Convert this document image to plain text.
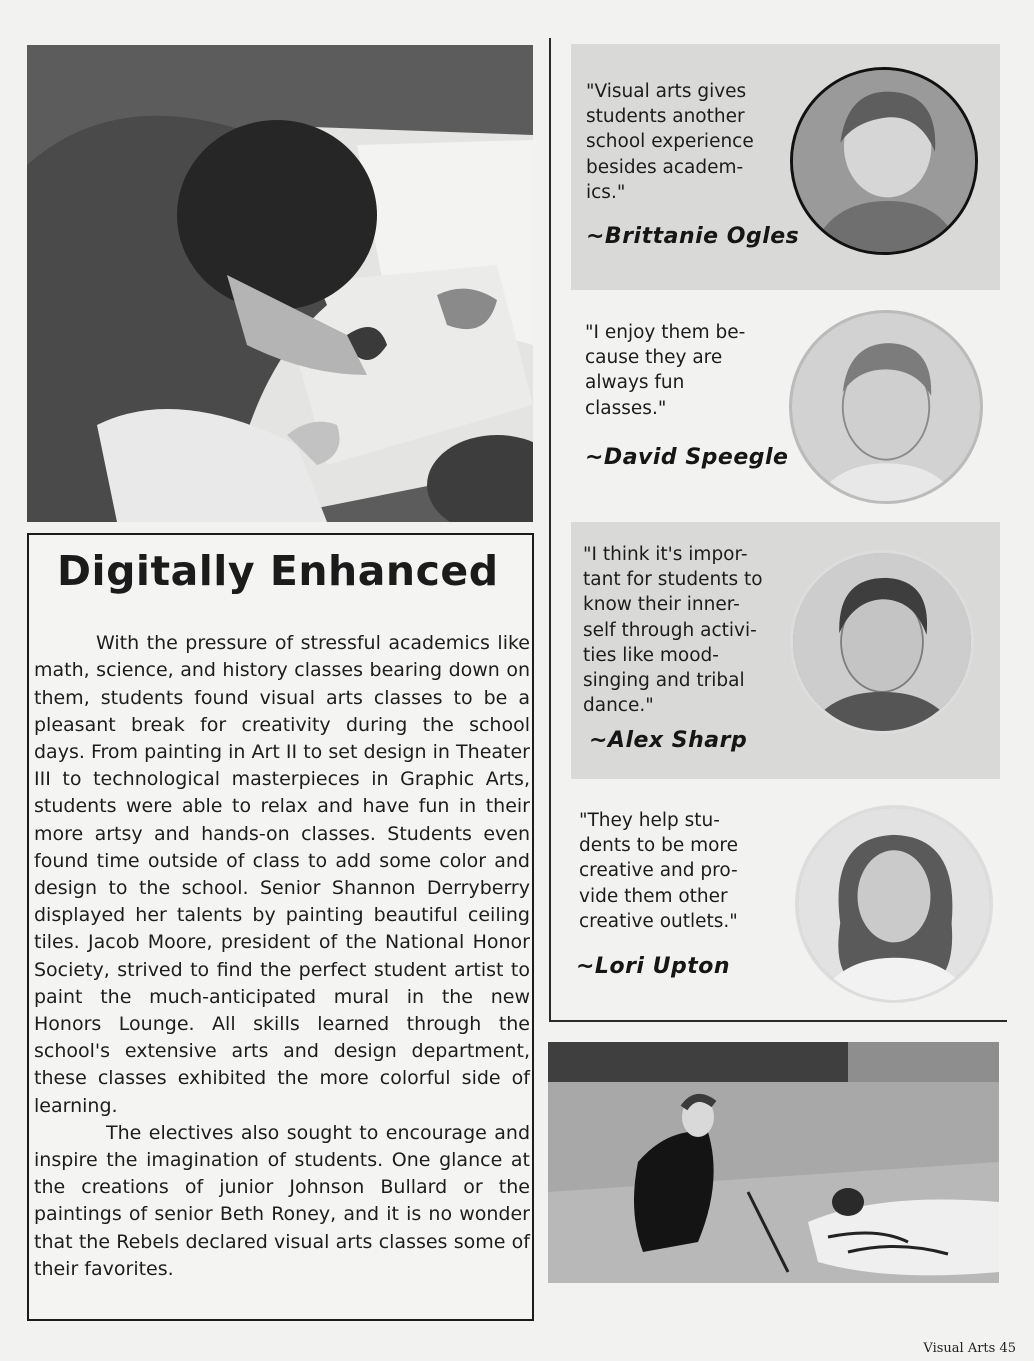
Digitally Enhanced

With the pressure of stressful academics like math, science, and history classes bearing down on them, students found visual arts classes to be a pleasant break for creativity during the school days. From painting in Art II to set design in Theater III to technological masterpieces in Graphic Arts, students were able to relax and have fun in their more artsy and hands-on classes. Students even found time outside of class to add some color and design to the school. Senior Shannon Derryberry displayed her talents by painting beautiful ceiling tiles. Jacob Moore, president of the National Honor Society, strived to find the perfect student artist to paint the much-anticipated mural in the new Honors Lounge. All skills learned through the school's extensive arts and design department, these classes exhibited the more colorful side of learning.

The electives also sought to encourage and inspire the imagination of students. One glance at the creations of junior Johnson Bullard or the paintings of senior Beth Roney, and it is no wonder that the Rebels declared visual arts classes some of their favorites.

"Visual arts gives
students another
school experience
besides academ-
ics."
~Brittanie Ogles
"I enjoy them be-
cause they are
always fun
classes."
~David Speegle
"I think it's impor-
tant for students to
know their inner-
self through activi-
ties like mood-
singing and tribal
dance."
~Alex Sharp
"They help stu-
dents to be more
creative and pro-
vide them other
creative outlets."
~Lori Upton
Visual Arts 45
